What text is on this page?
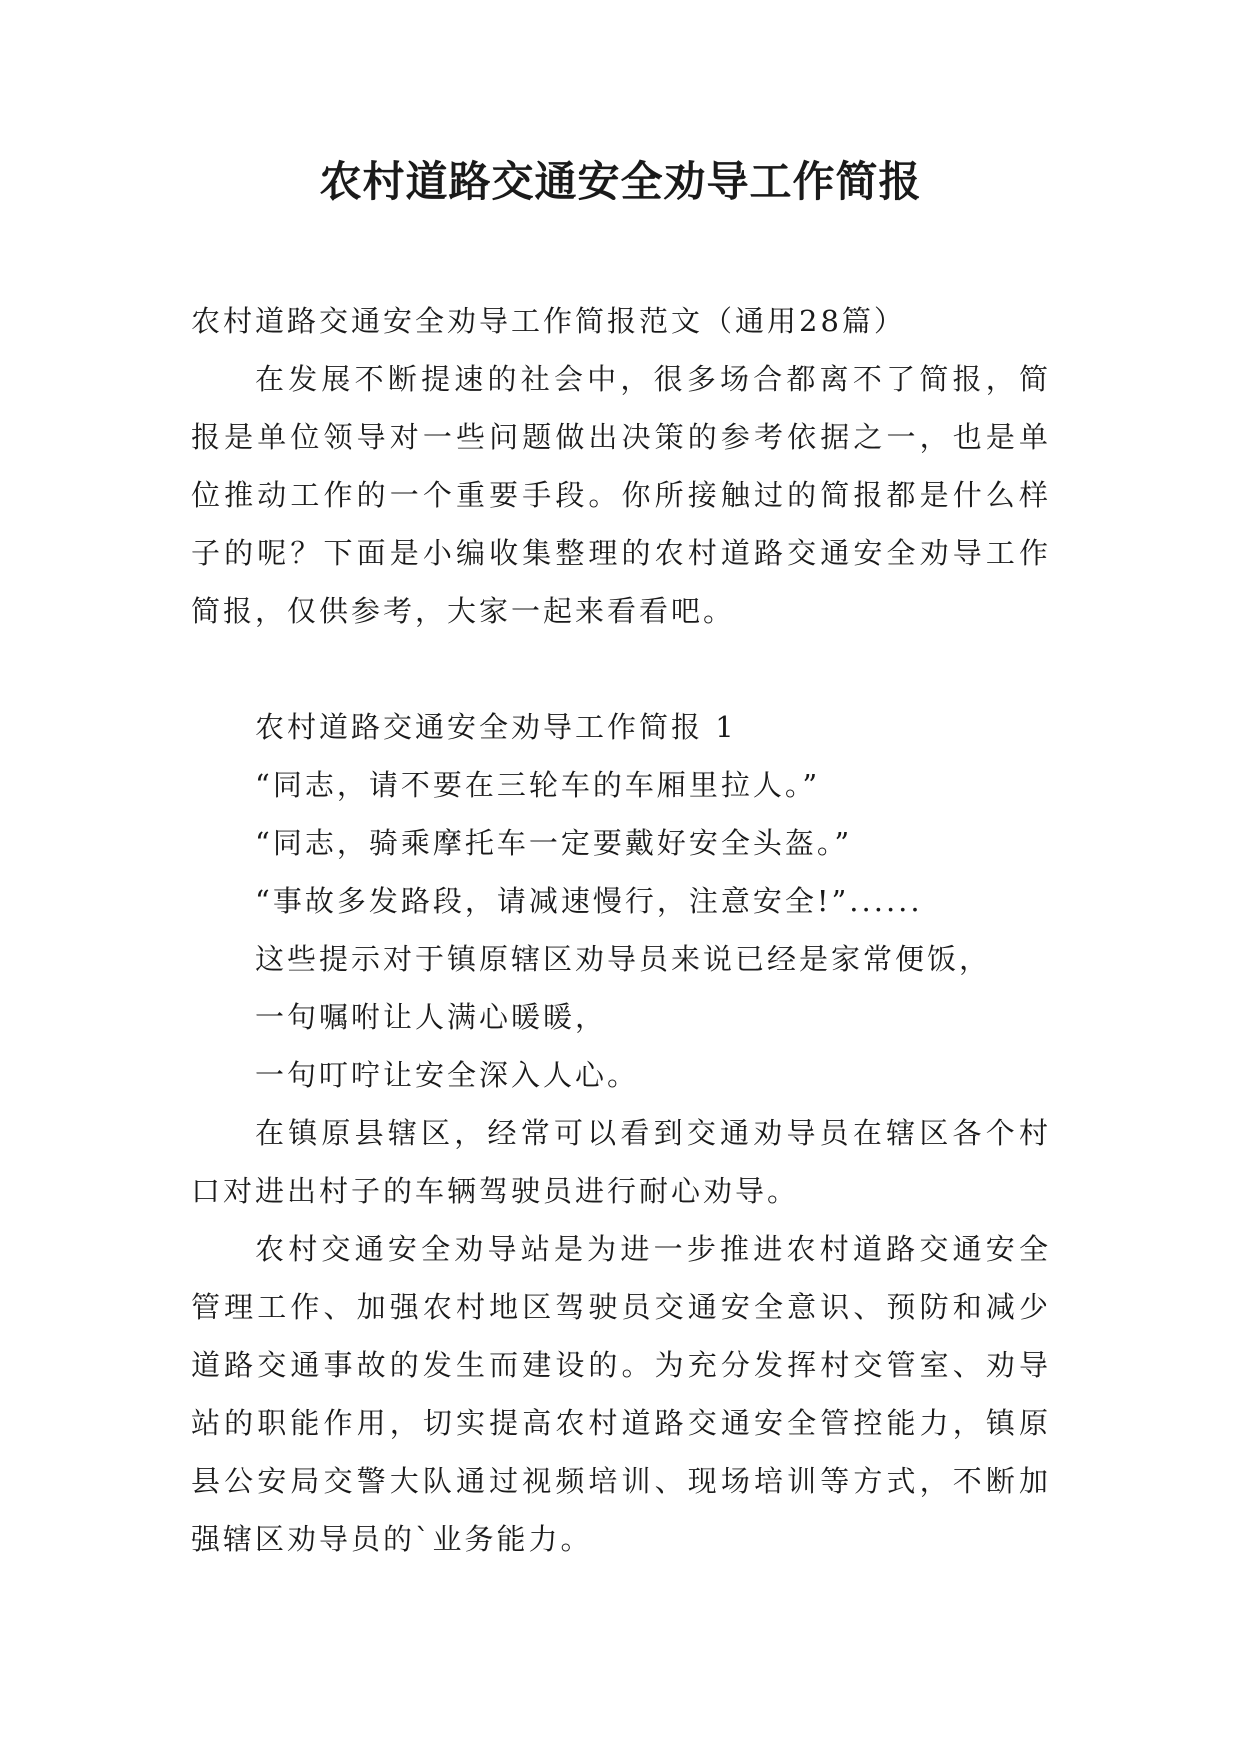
农村道路交通安全劝导工作简报

农村道路交通安全劝导工作简报范文（通用28篇）

在发展不断提速的社会中，很多场合都离不了简报，简报是单位领导对一些问题做出决策的参考依据之一，也是单位推动工作的一个重要手段。你所接触过的简报都是什么样子的呢？下面是小编收集整理的农村道路交通安全劝导工作简报，仅供参考，大家一起来看看吧。

农村道路交通安全劝导工作简报 1

“同志，请不要在三轮车的车厢里拉人。”

“同志，骑乘摩托车一定要戴好安全头盔。”

“事故多发路段，请减速慢行，注意安全!”......

这些提示对于镇原辖区劝导员来说已经是家常便饭，

一句嘱咐让人满心暖暖，

一句叮咛让安全深入人心。

在镇原县辖区，经常可以看到交通劝导员在辖区各个村口对进出村子的车辆驾驶员进行耐心劝导。

农村交通安全劝导站是为进一步推进农村道路交通安全管理工作、加强农村地区驾驶员交通安全意识、预防和减少道路交通事故的发生而建设的。为充分发挥村交管室、劝导站的职能作用，切实提高农村道路交通安全管控能力，镇原县公安局交警大队通过视频培训、现场培训等方式，不断加强辖区劝导员的`业务能力。
